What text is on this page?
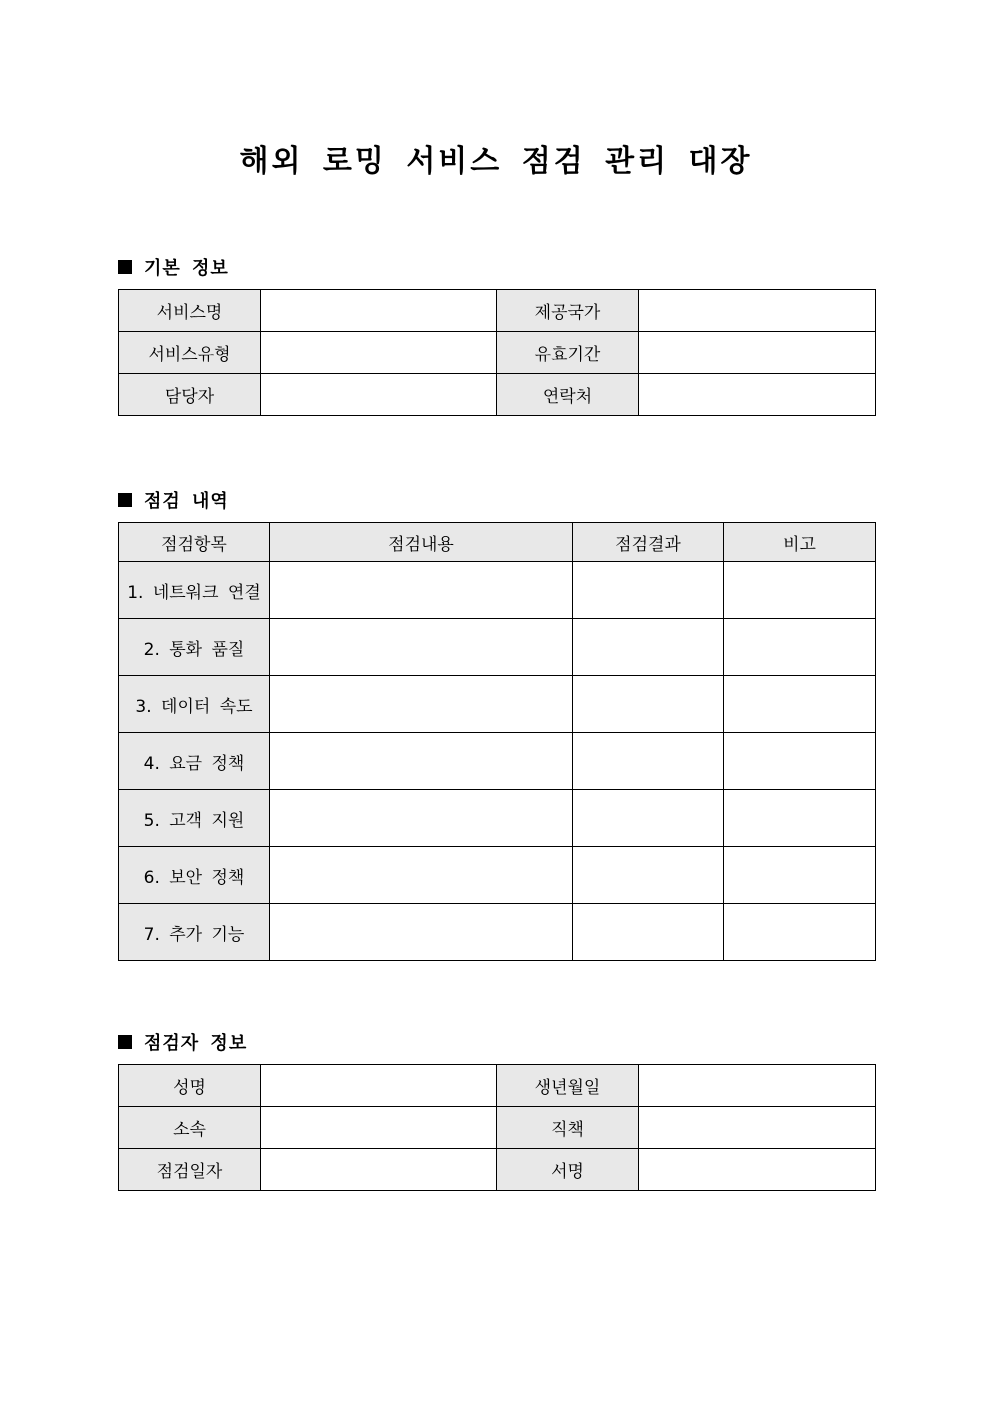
해외 로밍 서비스 점검 관리 대장
기본 정보
서비스명		제공국가	
서비스유형		유효기간	
담당자		연락처	
점검 내역
점검항목	점검내용	점검결과	비고
1. 네트워크 연결			
2. 통화 품질			
3. 데이터 속도			
4. 요금 정책			
5. 고객 지원			
6. 보안 정책			
7. 추가 기능			
점검자 정보
성명		생년월일	
소속		직책	
점검일자		서명	
